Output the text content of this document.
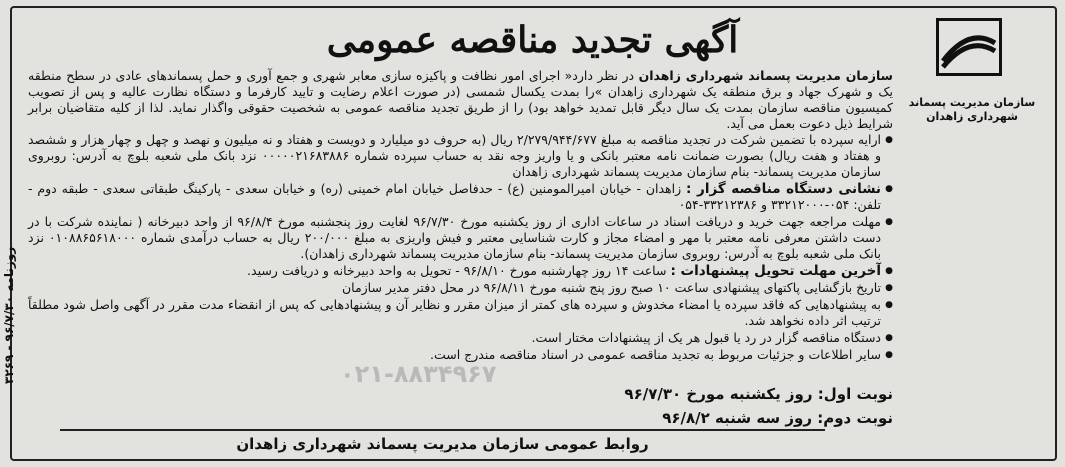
آگهی تجدید مناقصه عمومی
سازمان مدیریت پسماند
شهرداری زاهدان
روزنامه ۹۶/۷/۳۰ - ۳۲۶۹
۰۲۱-۸۸۳۴۹۶۷

سازمان مدیریت پسماند شهرداری زاهدان در نظر دارد« اجرای امور نظافت و پاکیزه سازی معابر شهری و جمع آوری و حمل پسماندهای عادی در سطح منطقه یک و شهرک جهاد و برق منطقه یک شهرداری زاهدان »را بمدت یکسال شمسی (در صورت اعلام رضایت و تایید کارفرما و دستگاه نظارت عالیه و پس از تصویب کمیسیون مناقصه سازمان بمدت یک سال دیگر قابل تمدید خواهد بود) را از طریق تجدید مناقصه عمومی به شخصیت حقوقی واگذار نماید. لذا از کلیه متقاضیان برابر شرایط ذیل دعوت بعمل می آید.

● ارایه سپرده با تضمین شرکت در تجدید مناقصه به مبلغ ۲/۲۷۹/۹۴۴/۶۷۷ ریال (به حروف دو میلیارد و دویست و هفتاد و نه میلیون و نهصد و چهل و چهار هزار و ششصد و هفتاد و هفت ریال) بصورت ضمانت نامه معتبر بانکی و یا واریز وجه نقد به حساب سپرده شماره ۰۰۰۰۰۲۱۶۸۳۸۸۶ نزد بانک ملی شعبه بلوچ به آدرس: روبروی سازمان مدیریت پسماند- بنام سازمان مدیریت پسماند شهرداری زاهدان
● نشانی دستگاه مناقصه گزار : زاهدان - خیابان امیرالمومنین (ع) - حدفاصل خیابان امام خمینی (ره) و خیابان سعدی - پارکینگ طبقاتی سعدی - طبقه دوم - تلفن: ۰۵۴-۳۳۲۱۲۰۰۰ و ۳۳۲۱۲۳۸۶-۰۵۴
● مهلت مراجعه جهت خرید و دریافت اسناد در ساعات اداری از روز یکشنبه مورخ ۹۶/۷/۳۰ لغایت روز پنجشنبه مورخ ۹۶/۸/۴ از واحد دبیرخانه ( نماینده شرکت با در دست داشتن معرفی نامه معتبر با مهر و امضاء مجاز و کارت شناسایی معتبر و فیش واریزی به مبلغ ۲۰۰/۰۰۰ ریال به حساب درآمدی شماره ۰۱۰۸۸۶۵۶۱۸۰۰۰ نزد بانک ملی شعبه بلوچ به آدرس: روبروی سازمان مدیریت پسماند- بنام سازمان مدیریت پسماند شهرداری زاهدان).
● آخرین مهلت تحویل پیشنهادات : ساعت ۱۴ روز چهارشنبه مورخ ۹۶/۸/۱۰ - تحویل به واحد دبیرخانه و دریافت رسید.
● تاریخ بازگشایی پاکتهای پیشنهادی ساعت ۱۰ صبح روز پنج شنبه مورخ ۹۶/۸/۱۱ در محل دفتر مدیر سازمان
● به پیشنهادهایی که فاقد سپرده یا امضاء مخدوش و سپرده های کمتر از میزان مقرر و نظایر آن و پیشنهادهایی که پس از انقضاء مدت مقرر در آگهی واصل شود مطلقاً ترتیب اثر داده نخواهد شد.
● دستگاه مناقصه گزار در رد یا قبول هر یک از پیشنهادات مختار است.
● سایر اطلاعات و جزئیات مربوط به تجدید مناقصه عمومی در اسناد مناقصه مندرج است.
نوبت اول: روز یکشنبه مورخ ۹۶/۷/۳۰
نوبت دوم: روز سه شنبه ۹۶/۸/۲
روابط عمومی سازمان مدیریت پسماند شهرداری زاهدان
